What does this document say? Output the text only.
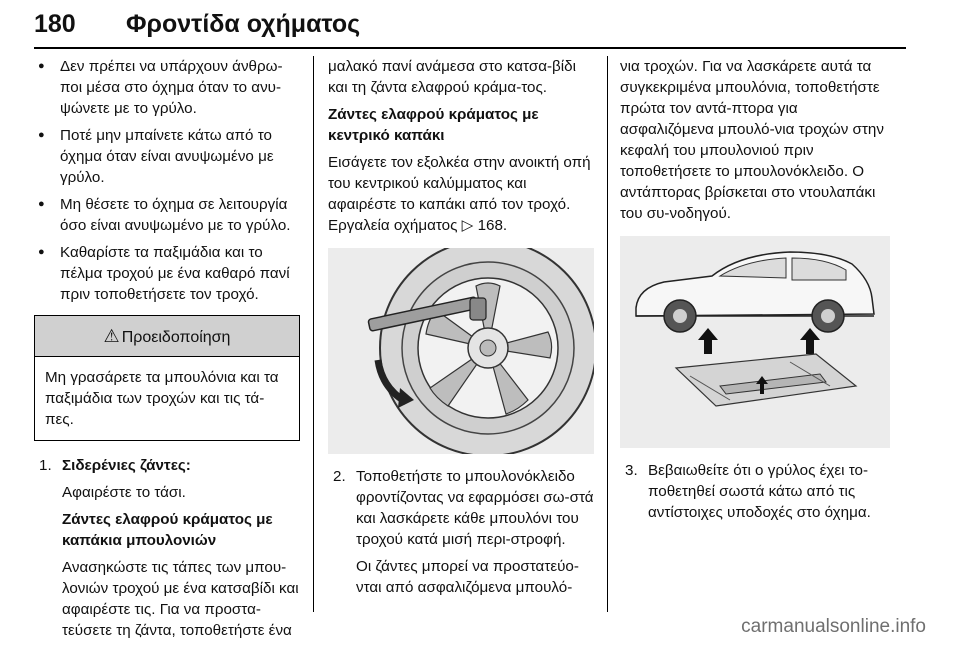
180 Φροντίδα οχήματος
● Δεν πρέπει να υπάρχουν άνθρω‐ποι μέσα στο όχημα όταν το ανυ‐ψώνετε με το γρύλο.
● Ποτέ μην μπαίνετε κάτω από το όχημα όταν είναι ανυψωμένο με γρύλο.
● Μη θέσετε το όχημα σε λειτουργία όσο είναι ανυψωμένο με το γρύλο.
● Καθαρίστε τα παξιμάδια και το πέλμα τροχού με ένα καθαρό πανί πριν τοποθετήσετε τον τροχό.
⚠ Προειδοποίηση
Μη γρασάρετε τα μπουλόνια και τα παξιμάδια των τροχών και τις τά‐πες.
1. Σιδερένιες ζάντες:
Αφαιρέστε το τάσι.
Ζάντες ελαφρού κράματος με καπάκια μπουλονιών
Ανασηκώστε τις τάπες των μπου‐λονιών τροχού με ένα κατσαβίδι και αφαιρέστε τις. Για να προστα‐τεύσετε τη ζάντα, τοποθετήστε ένα
μαλακό πανί ανάμεσα στο κατσα‐βίδι και τη ζάντα ελαφρού κράμα‐τος.
Ζάντες ελαφρού κράματος με κεντρικό καπάκι
Εισάγετε τον εξολκέα στην ανοικτή οπή του κεντρικού καλύμματος και αφαιρέστε το καπάκι από τον τροχό. Εργαλεία οχήματος ▷ 168.
2. Τοποθετήστε το μπουλονόκλειδο φροντίζοντας να εφαρμόσει σω‐στά και λασκάρετε κάθε μπουλόνι του τροχού κατά μισή περι‐στροφή.
Οι ζάντες μπορεί να προστατεύο‐νται από ασφαλιζόμενα μπουλό‐
νια τροχών. Για να λασκάρετε αυτά τα συγκεκριμένα μπουλόνια, τοποθετήστε πρώτα τον αντά‐πτορα για ασφαλιζόμενα μπουλό‐νια τροχών στην κεφαλή του μπουλονιού πριν τοποθετήσετε το μπουλονόκλειδο. Ο αντάπτορας βρίσκεται στο ντουλαπάκι του συ‐νοδηγού.
3. Βεβαιωθείτε ότι ο γρύλος έχει το‐ποθετηθεί σωστά κάτω από τις αντίστοιχες υποδοχές στο όχημα.
carmanualsonline.info
